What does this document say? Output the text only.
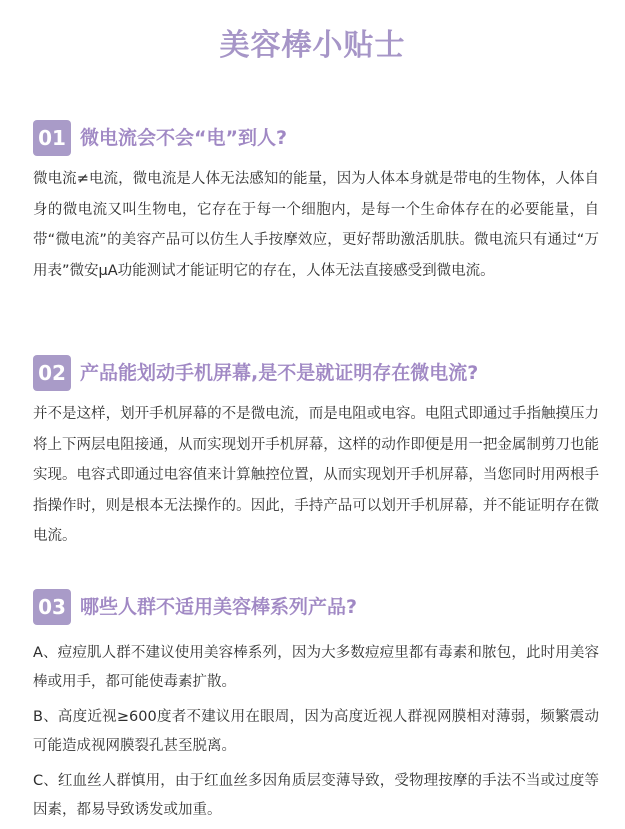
美容棒小贴士
01 微电流会不会“电”到人?

微电流≠电流，微电流是人体无法感知的能量，因为人体本身就是带电的生物体，人体自身的微电流又叫生物电，它存在于每一个细胞内，是每一个生命体存在的必要能量，自带“微电流”的美容产品可以仿生人手按摩效应，更好帮助激活肌肤。微电流只有通过“万用表”微安μA功能测试才能证明它的存在，人体无法直接感受到微电流。

02 产品能划动手机屏幕,是不是就证明存在微电流?

并不是这样，划开手机屏幕的不是微电流，而是电阻或电容。电阻式即通过手指触摸压力将上下两层电阻接通，从而实现划开手机屏幕，这样的动作即便是用一把金属制剪刀也能实现。电容式即通过电容值来计算触控位置，从而实现划开手机屏幕，当您同时用两根手指操作时，则是根本无法操作的。因此，手持产品可以划开手机屏幕，并不能证明存在微电流。

03 哪些人群不适用美容棒系列产品?

A、痘痘肌人群不建议使用美容棒系列，因为大多数痘痘里都有毒素和脓包，此时用美容棒或用手，都可能使毒素扩散。

B、高度近视≥600度者不建议用在眼周，因为高度近视人群视网膜相对薄弱，频繁震动可能造成视网膜裂孔甚至脱离。

C、红血丝人群慎用，由于红血丝多因角质层变薄导致，受物理按摩的手法不当或过度等因素，都易导致诱发或加重。
